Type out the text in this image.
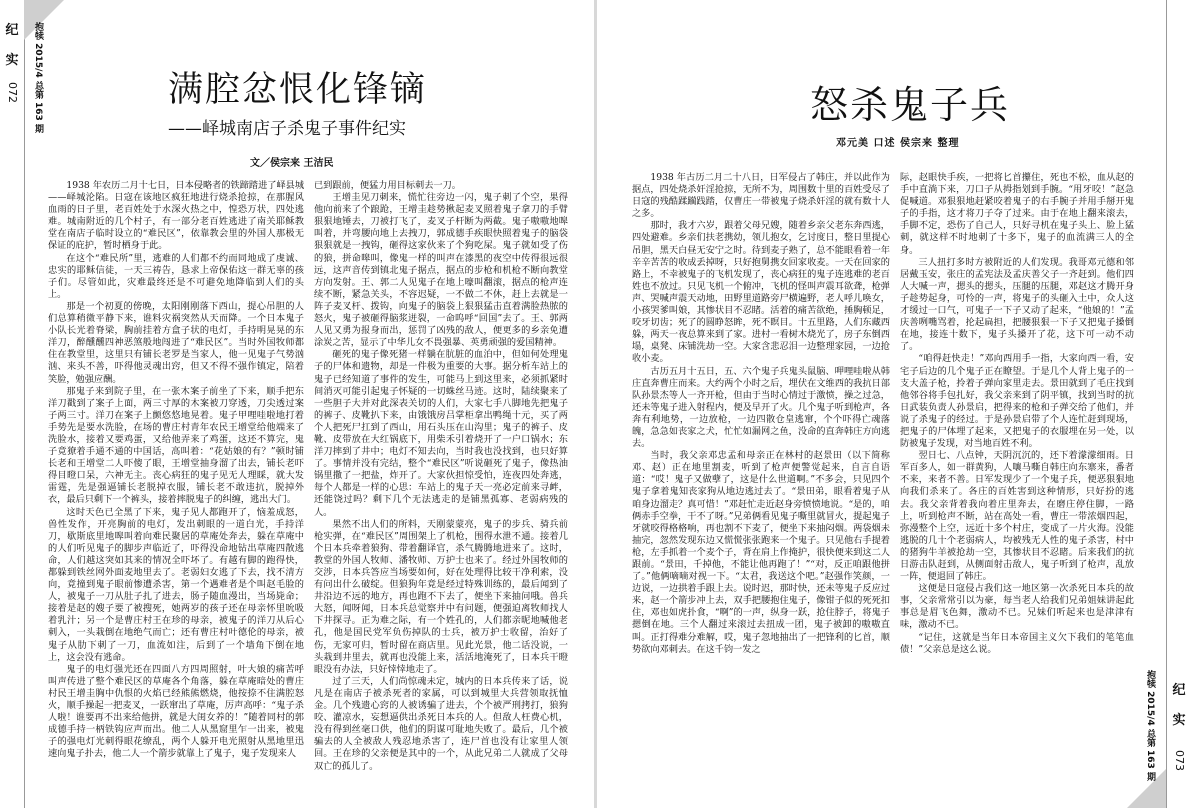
纪
实
072 抱犊 2015/4 总第 163 期	满腔忿恨化锋镝
——峄城南店子杀鬼子事件纪实
文／侯宗来 王洁民

1938 年农历二月十七日，日本侵略者的铁蹄踏进了峄县城——峄城沦陷。日寇在该地区疯狂地进行烧杀抢掠，在那腥风血雨的日子里，老百姓处于水深火热之中，惶恐万状，四处逃难。城南附近的几个村子，有一部分老百姓逃进了南关耶稣教堂在南店子临时设立的“难民区”，依靠教会里的外国人那极无保证的庇护，暂时栖身于此。

在这个“难民所”里，逃难的人们都不约而同地成了虔诚、忠实的耶稣信徒，一天三祷告，恳求上帝保佑这一群无辜的孩子们。尽管如此，灾难最终还是不可避免地降临到人们的头上。

那是一个初夏的傍晚，太阳刚刚落下西山，提心吊胆的人们总算稍微平静下来，谁料灾祸突然从天而降。一个日本鬼子小队长光着脊梁，胸前挂着方盒子状的电灯，手持明晃晃的东洋刀，醉醺醺四神恶煞般地闯进了“难民区”。当时外国牧师都住在教堂里，这里只有铺长老罗是当家人，他一见鬼子气势汹汹、来头不善，吓得他灵魂出窍，但又不得不强作镇定，陪着笑脸，勉强应酬。

那鬼子来到院子里，在一张木案子前坐了下来，顺手把东洋刀戳到了案子上面，两三寸厚的木案被刀穿透，刀尖透过案子两三寸。洋刀在案子上颤悠悠地晃着。鬼子甲哩哇啦地打着手势先是要水洗脸，在场的曹庄村青年农民王增堂给他端来了洗脸水，接着又要鸡蛋，又给他弄来了鸡蛋，这还不算完，鬼子竟獠着手通不通的中国话，高叫着：“花姑娘的有？”顿时铺长老和王增堂二人吓傻了眼，王增堂抽身溜了出去，铺长老吓得目瞪口呆，六神无主。丧心病狂的鬼子见无人理睬，就大发雷霆，先是强逼铺长老脱掉衣服，铺长老不敢违抗，脱掉外衣，最后只剩下一个裤头，接着摔脱鬼子的纠缠，逃出大门。

这时天色已全黑了下来，鬼子见人都跑开了，恼羞成怒，兽性发作，开亮胸前的电灯，发出刺眼的一道白光，手持洋刀，歇斯底里地嗥叫着向难民聚居的草庵处奔去，躲在草庵中的人们听见鬼子的脚步声临近了，吓得没命地钻出草庵四散逃命，人们越这突如其来的情况全吓坏了。有越有脚的跑得快，都躲到铁丝网外面麦地里去了。老弱妇女逃了下去，找不清方向，竟撞到鬼子眼前惨遭杀害，第一个遇难者是个叫赵毛脸的人，被鬼子一刀从肚子扎了进去，肠子随血漫出，当场毙命；接着是赵的嫂子要了被搜死，她两岁的孩子还在母亲怀里吮吸着乳汁；另一个是曹庄村王在珍的母亲，被鬼子的洋刀从后心刺入，一头栽倒在地绝气而亡；还有曹庄村叶德伦的母亲，被鬼子从肋下刺了一刀，血流如注，后到了一个墙角下倒在地上，这会没有逃命。

鬼子的电灯强光还在四面八方四周照射，叶大娘的痛苦呼叫声传进了整个难民区的草庵各个角落，躲在草庵暗处的曹庄村民王增圭胸中仇恨的火焰已经熊熊燃烧，他按捺不住满腔怒火，顺手操起一把麦叉，一跃窜出了草庵，厉声高呼：“鬼子杀人啦！谁要再不出来给他拼，就是大闺女养的！”随着同村的郭成德手持一柄铁钩应声而出。他二人从黑窟里乍一出来，被鬼子的强电灯光刺得眼花缭乱，两个人躲开电光照射从黑地里迅速向鬼子扑去，他二人一个箭步就靠上了鬼子，鬼子发现来人

已到跟前，便猛力用目标刺去一刀。

王增圭见刀刺来，慌忙往旁边一闪，鬼子刺了个空，果得他向前来了个踉跄，王增圭趁势揪起麦叉照着鬼子拿刀的手臂狠狠地锤去，刀被打飞了，麦叉子杆断为两截。鬼子嗷嗷地嗥叫着，并弯腰向地上去拽刀，郭成德手疾眼快照着鬼子的脑袋狠狠就是一拽钩，砸得这家伙来了个狗吃屎。鬼子就如受了伤的狼，拼命嗥叫，像鬼一样的叫声在漆黑的夜空中传得很远很远，这声音传到镇北鬼子据点，据点的步枪和机枪不断向教堂方向发射。王、郭二人见鬼子在地上嚎叫翻滚，据点的枪声连续不断，紧急关头，不容迟疑，一不做二不休，赶上去就是一阵子麦叉杆、拨钩，向鬼子的脑袋上狠狠猛击直着满脸热脓的怒火，鬼子被砸得脑浆迸裂，一命呜呼“回国”去了。王、郭两人见又勇为报身而出，惩罚了凶残的敌人，便更多的乡亲免遭涂炭之苦，显示了中华儿女不畏强暴、英勇顽强的爱国精神。

砸死的鬼子像死猪一样躺在肮脏的血泊中，但如何处理鬼子的尸体和遗物，却是一件极为重要的大事。据分析车站上的鬼子已经知道了事件的发生，可能马上到这里来，必须抓紧时间消灭可能引起鬼子怀疑的一切蛛丝马迹。这时，陆续聚来了一些胆子大并对此深表关切的人们，大家七手八脚地先把鬼子的裤子、皮靴扒下来，由饿饿房吕掌柜拿出鸭绳十元，买了两个人把死尸扛到了西山，用石头压在山沟里；鬼子的裤子、皮靴、皮带放在大红锅底下，用柴禾引着烧开了一户口锅水；东洋刀摔到了井中；电灯不知去向，当时我也没找到，也只好算了。事情并没有完结，整个“难民区”听说砸死了鬼子，像热油锅里撒了一把盐，炸开了。大家伙担惊受怕，连夜四处奔逃，每个人都是一样的心思：车站上的鬼子天一亮必定前来寻衅，还能饶过吗？剩下几个无法逃走的是铺黑孤寡、老弱病残的人。

果然不出人们的所料，天刚蒙蒙亮，鬼子的步兵、骑兵前枪实弹，在“难民区”周围架上了机枪，围得水泄不通。接着几个日本兵牵着狼狗、带着翻译官，杀气腾腾地进来了。这时，教堂的外国人牧师、潘牧师、万护士也来了。经过外国牧师的交涉，日本兵答应当场要如何，好在处理得比较干净利索，没有问出什么破绽。但狼狗年竟是经过特殊训练的，最后闻到了井沿边不远的地方，再也跑不下去了，便坐下来抽问哦。兽兵大怒，闻呀闻，日本兵总觉察并中有问题，便强迫离牧师找人下井探寻。正为难之际，有一个姓孔的，人们都亲昵地喊他老孔，他是国民党军负伤掉队的士兵，被万护士收留，治好了伤，无家可归，暂时留在商店里。见此光景，他二话没说，一头栽到井里去，就再也没能上来，活活地淹死了，日本兵干瞪眼没有办法，只好悻悻地走了。

过了三天，人们尚惊魂未定，城内的日本兵传来了话，说凡是在南店子被杀死者的家属，可以到城里大兵营领取抚恤金。几个残遗心窍的人被诱骗了进去，个个被严刑拷打，狼狗咬、灌凉水，妄想逼供出杀死日本兵的人。但敌人枉费心机，没有得到丝毫口供，他们的阴谋可耻地失败了。最后，几个被骗去的人全被敌人残忍地杀害了，连尸首也没有让家里人领回。王在珍的父亲便是其中的一个，从此兄弟二人就成了父母双亡的孤儿了。

怒杀鬼子兵
邓元美 口述 侯宗来 整理

1938 年古历二月二十八日，日军侵占了韩庄，并以此作为据点，四处烧杀奸淫抢掠，无所不为，周围数十里的百姓受尽了日寇的残酷蹂躏践踏，仅曹庄一带被鬼子烧杀奸淫的就有数十人之多。

那时，我才六岁，跟着父母兄嫂，随着乡亲父老东奔西逃，四处避难。乡亲们扶老携幼，领儿抱女，乞讨度日，整日里提心吊胆，黑天白昼无安宁之时。待到麦子熟了，总不能眼看着一年辛辛苦苦的收成丢掉呀，只好抱舅携女回家收麦。一天在回家的路上，不幸被鬼子的飞机发现了，丧心病狂的鬼子连逃难的老百姓也不放过。只见飞机一个俯冲，飞机的怪叫声震耳欲聋，枪弹声、哭喊声震天动地，田野里道路旁尸横遍野，老人呼儿唤女，小孩哭爹叫娘，其惨状目不忍睹。活着的痛苦欲绝，捶胸顿足，咬牙切齿；死了的圆睁怒眸，死不瞑目。十五里路，人们东藏西躲，两天一夜总算来到了家。进村一看树木烧光了，房子东倒西塌，桌凳、床铺洗劫一空。大家含悲忍泪一边整理家园，一边抢收小麦。

古历五月十五日，五、六个鬼子兵鬼头鼠脑、呷哩哇啦从韩庄直奔曹庄而来。大约两个小时之后，埋伏在文维西的我抗日部队孙景杰等人一齐开枪，但由于当时心情过于激愤，操之过急，还未等鬼子进入射程内，便及早开了火。几个鬼子听到枪声，各奔有利地势，一边放枪，一边四散仓皇逃窜，个个吓得亡魂落魄，急急如丧家之犬，忙忙如漏网之鱼，没命的直奔韩庄方向逃去。

当时，我父亲邓忠孟和母亲正在林村的赵景田（以下简称邓、赵）正在地里割麦，听到了枪声便警觉起来，自言自语道：“哎！鬼子又做孽了，这是什么世道啊。”不多会，只见四个鬼子拿着鬼知丧家狗从地边逃过去了。“景田弟，眼看着鬼子从咱身边溜走？真可惜！”邓赶忙走近赵身旁愤愤地说。“是的，咱俩赤手空拳，干不了呀。”兄弟俩看见鬼子嘶里就冒火，提起鬼子牙就咬得格格响，再也割不下麦了，便坐下来抽闷烟。两袋烟未抽完，忽然发现东边又慌慌张张跑来一个鬼子。只见他右手提着枪，左手抓着一个麦个子，背在肩上作掩护，很快便来到这二人跟前。“景田，千掉他，不能让他再跑了！”“对，反正咱跟他拼了。”他俩嘀嘀对视一下。“太君，我送这个吧。”赵强作笑颜，一边说，一边拱着手跟上去。说时迟，那时快，还未等鬼子反应过来，赵一个箭步冲上去，双手把腰抱住鬼子，像钳子似的死死扣住，邓也如虎扑食，“啊”的一声，纵身一跃，抢住脖子，将鬼子摁倒在地。三个人翻过来滚过去扭成一团，鬼子被卸的嗷嗷直叫。正打得难分难解，哎，鬼子忽地抽出了一把锋利的匕首，顺势欲向邓刺去。在这千钧一发之

际，赵眼快手疾，一把将匕首攥住，死也不松，血从赵的手中直淌下来，刀口子从拇指划到手腕。“用牙咬！”赵急促喊道。邓狠狠地赶紧咬着鬼子的右手腕子并用手掰开鬼子的手指，这才将刀子夺了过来。由于在地上翻来滚去，手脚不定，恐伤了自己人，只好寻机在鬼子头上、脸上猛刺，就这样不时地刺了十多下，鬼子的血流满三人的全身。

三人扭打多时方被附近的人们发现。我哥邓元德和邻居戴玉安，张庄的孟宪法及孟庆善父子一齐赶到。他们四人大喊一声，摁头的摁头，压腿的压腿，邓赵这才腾开身子趁势起身，可怜的一声，将鬼子的头砸入土中，众人这才缓过一口气，可鬼子一下子又动了起来，“他娘的！”孟庆善咧嘴骂着，抡起扁担，把腰狠狠一下子又把鬼子搡倒在地，接连十数下，鬼子头搡开了花，这下可一动不动了。

“咱得赶快走！”邓向西用手一指，大家向西一看，安宅子后边的几个鬼子正在瞭望。于是几个人背上鬼子的一支大盖子枪，拎着子弹向家里走去。景田就到了毛庄找到他邻谷将手包扎好，我父亲来到了阴平镇，找到当时的抗日武装负责人孙景启，把得来的枪和子弹交给了他们，并说了杀鬼子的经过。于是孙景启带了个人连忙赶到现场，把鬼子的尸体埋了起来，又把鬼子的衣服埋在另一处，以防被鬼子发现，对当地百姓不利。

翌日七、八点钟，天阴沉沉的，还下着濛濛细雨。日军百多人，如一群黄狗，人嚷马嘶自韩庄向东寨来，番者不来，来者不善。日军发现少了一个鬼子兵，便恶狠狠地向我们杀来了。各庄的百姓害到这种情形，只好扮的逃去。我父亲背着我向着庄里奔去，在磨庄停住脚，一路上，听到枪声不断，站在高处一看，曹庄一带浓烟四起，弥漫整个上空，远近十多个村庄，变成了一片火海。没能逃脱的几十个老弱病人，均被残无人性的鬼子杀害，村中的猪狗牛羊被抢劫一空，其惨状目不忍睹。后来我们的抗日游击队赶到，从侧面射击敌人，鬼子听到了枪声，乱放一阵，便退回了韩庄。

这便是日寇侵占我们这一地区第一次杀死日本兵的故事，父亲常常引以为豪，每当老人给我们兄弟姐妹讲起此事总是眉飞色舞，激动不已。兄妹们听起来也是津津有味，激动不已。

“记住，这就是当年日本帝国主义欠下我们的笔笔血债！”父亲总是这么说。

抱犊 2015/4 总第 163 期 纪
实
073
